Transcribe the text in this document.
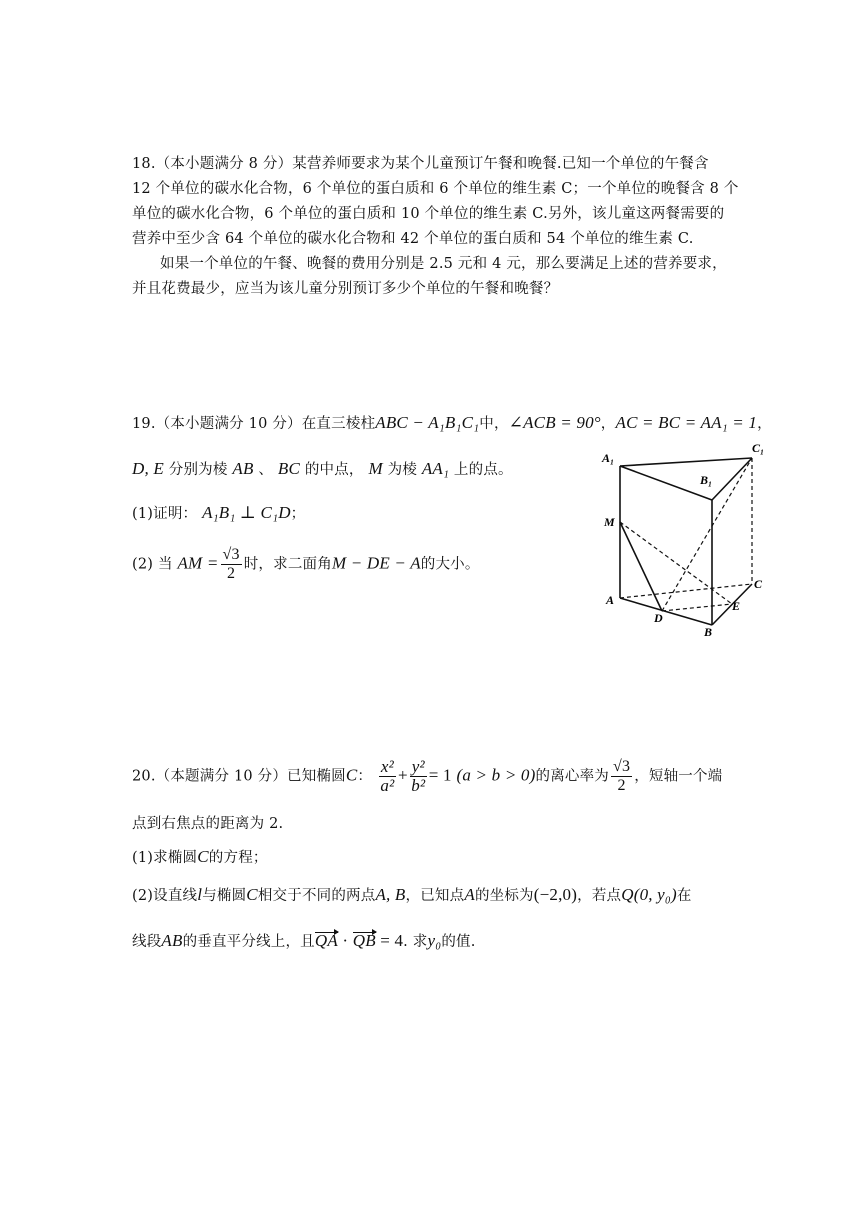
18.（本小题满分 8 分）某营养师要求为某个儿童预订午餐和晚餐.已知一个单位的午餐含
12 个单位的碳水化合物，6 个单位的蛋白质和 6 个单位的维生素 C；一个单位的晚餐含 8 个
单位的碳水化合物，6 个单位的蛋白质和 10 个单位的维生素 C.另外，该儿童这两餐需要的
营养中至少含 64 个单位的碳水化合物和 42 个单位的蛋白质和 54 个单位的维生素 C.
如果一个单位的午餐、晚餐的费用分别是 2.5 元和 4 元，那么要满足上述的营养要求，
并且花费最少，应当为该儿童分别预订多少个单位的午餐和晚餐？
19.（本小题满分 10 分）在直三棱柱ABC − A₁B₁C₁中，∠ACB = 90°，AC = BC = AA₁ = 1，
D, E 分别为棱 AB 、 BC 的中点， M 为棱 AA₁ 上的点。
(1)证明： A₁B₁ ⊥ C₁D；
(2) 当 AM = $\frac{√3}{2}$ 时，求二面角M − DE − A的大小。
A₁
C₁
B₁
M
A
C
E
D
B
20.（本题满分 10 分）已知椭圆C： $\frac{\text{x²}}{\text{a²}} + \frac{\text{y²}}{\text{b²}} = 1$ (a > b > 0)的离心率为 $\frac{√3}{2}$ ，短轴一个端
点到右焦点的距离为 2.
(1)求椭圆C的方程；
(2)设直线l与椭圆C相交于不同的两点A, B，已知点A的坐标为(−2,0)，若点Q(0, y₀)在
线段AB的垂直平分线上，且QA · QB = 4. 求y₀的值.
